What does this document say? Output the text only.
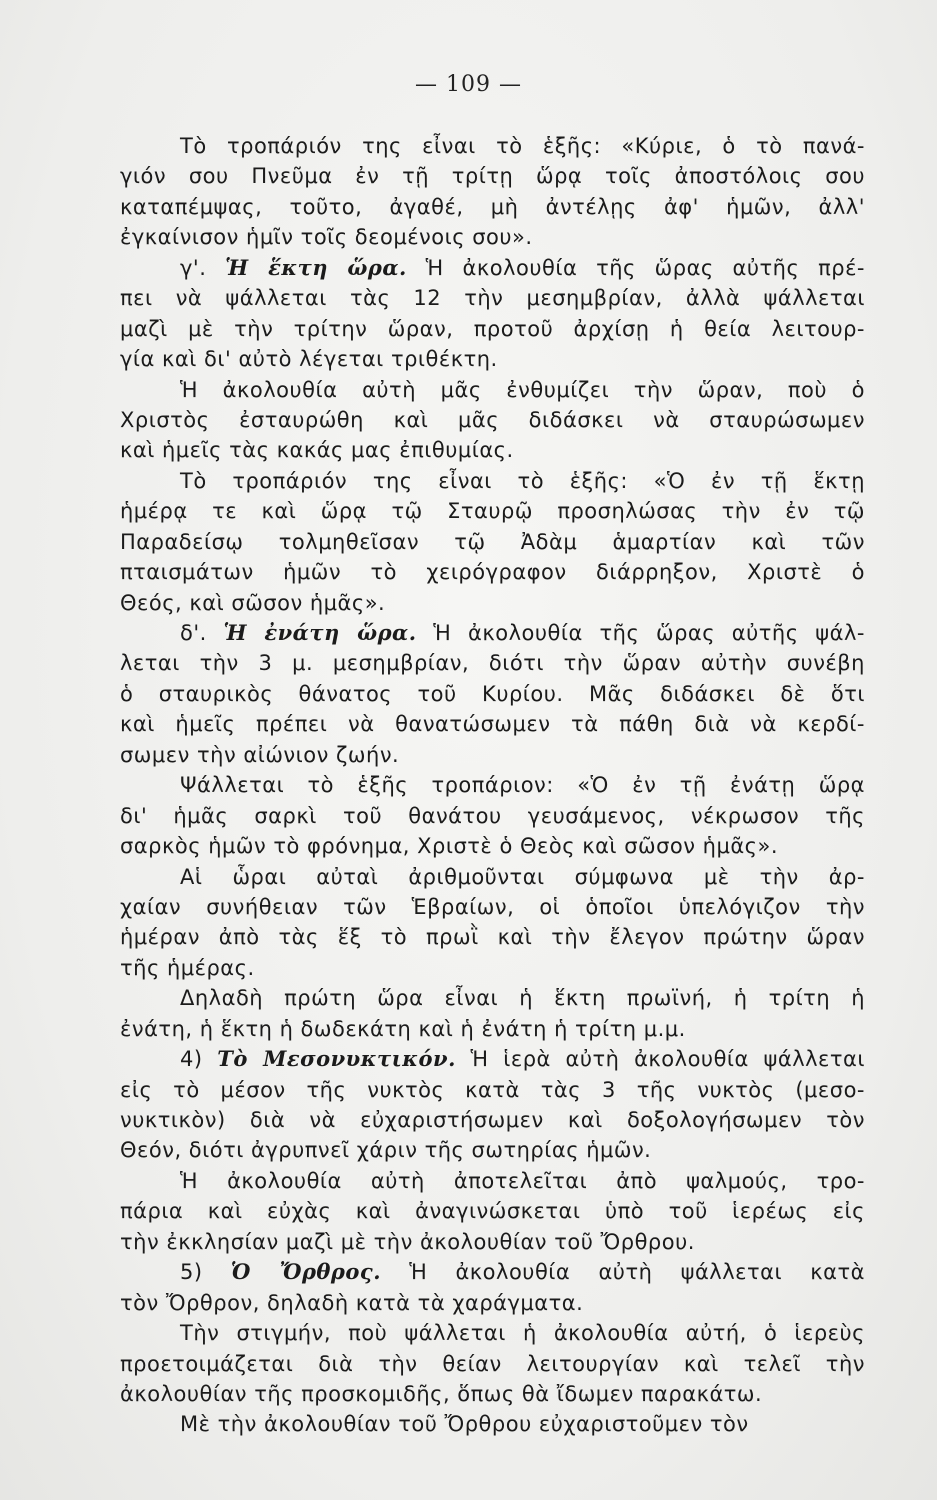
— 109 —
Τὸ τροπάριόν της εἶναι τὸ ἑξῆς: «Κύριε, ὁ τὸ πανά-
γιόν σου Πνεῦμα ἐν τῇ τρίτῃ ὥρᾳ τοῖς ἀποστόλοις σου
καταπέμψας, τοῦτο, ἀγαθέ, μὴ ἀντέλῃς ἀφ' ἡμῶν, ἀλλ'
ἐγκαίνισον ἡμῖν τοῖς δεομένοις σου».
γ'. Ἡ ἕκτη ὥρα. Ἡ ἀκολουθία τῆς ὥρας αὐτῆς πρέ-
πει νὰ ψάλλεται τὰς 12 τὴν μεσημβρίαν, ἀλλὰ ψάλλεται
μαζὶ μὲ τὴν τρίτην ὥραν, προτοῦ ἀρχίσῃ ἡ θεία λειτουρ-
γία καὶ δι' αὐτὸ λέγεται τριθέκτη.
Ἡ ἀκολουθία αὐτὴ μᾶς ἐνθυμίζει τὴν ὥραν, ποὺ ὁ
Χριστὸς ἐσταυρώθη καὶ μᾶς διδάσκει νὰ σταυρώσωμεν
καὶ ἡμεῖς τὰς κακάς μας ἐπιθυμίας.
Τὸ τροπάριόν της εἶναι τὸ ἑξῆς: «Ὁ ἐν τῇ ἕκτῃ
ἡμέρᾳ τε καὶ ὥρᾳ τῷ Σταυρῷ προσηλώσας τὴν ἐν τῷ
Παραδείσῳ τολμηθεῖσαν τῷ Ἀδὰμ ἁμαρτίαν καὶ τῶν
πταισμάτων ἡμῶν τὸ χειρόγραφον διάρρηξον, Χριστὲ ὁ
Θεός, καὶ σῶσον ἡμᾶς».
δ'. Ἡ ἐνάτη ὥρα. Ἡ ἀκολουθία τῆς ὥρας αὐτῆς ψάλ-
λεται τὴν 3 μ. μεσημβρίαν, διότι τὴν ὥραν αὐτὴν συνέβη
ὁ σταυρικὸς θάνατος τοῦ Κυρίου. Μᾶς διδάσκει δὲ ὅτι
καὶ ἡμεῖς πρέπει νὰ θανατώσωμεν τὰ πάθη διὰ νὰ κερδί-
σωμεν τὴν αἰώνιον ζωήν.
Ψάλλεται τὸ ἑξῆς τροπάριον: «Ὁ ἐν τῇ ἐνάτῃ ὥρᾳ
δι' ἡμᾶς σαρκὶ τοῦ θανάτου γευσάμενος, νέκρωσον τῆς
σαρκὸς ἡμῶν τὸ φρόνημα, Χριστὲ ὁ Θεὸς καὶ σῶσον ἡμᾶς».
Αἱ ὧραι αὐταὶ ἀριθμοῦνται σύμφωνα μὲ τὴν ἀρ-
χαίαν συνήθειαν τῶν Ἑβραίων, οἱ ὁποῖοι ὑπελόγιζον τὴν
ἡμέραν ἀπὸ τὰς ἕξ τὸ πρωῒ καὶ τὴν ἔλεγον πρώτην ὥραν
τῆς ἡμέρας.
Δηλαδὴ πρώτη ὥρα εἶναι ἡ ἕκτη πρωϊνή, ἡ τρίτη ἡ
ἐνάτη, ἡ ἕκτη ἡ δωδεκάτη καὶ ἡ ἐνάτη ἡ τρίτη μ.μ.
4) Τὸ Μεσονυκτικόν. Ἡ ἱερὰ αὐτὴ ἀκολουθία ψάλλεται
εἰς τὸ μέσον τῆς νυκτὸς κατὰ τὰς 3 τῆς νυκτὸς (μεσο-
νυκτικὸν) διὰ νὰ εὐχαριστήσωμεν καὶ δοξολογήσωμεν τὸν
Θεόν, διότι ἀγρυπνεῖ χάριν τῆς σωτηρίας ἡμῶν.
Ἡ ἀκολουθία αὐτὴ ἀποτελεῖται ἀπὸ ψαλμούς, τρο-
πάρια καὶ εὐχὰς καὶ ἀναγινώσκεται ὑπὸ τοῦ ἱερέως εἰς
τὴν ἐκκλησίαν μαζὶ μὲ τὴν ἀκολουθίαν τοῦ Ὄρθρου.
5) Ὁ Ὄρθρος. Ἡ ἀκολουθία αὐτὴ ψάλλεται κατὰ
τὸν Ὄρθρον, δηλαδὴ κατὰ τὰ χαράγματα.
Τὴν στιγμήν, ποὺ ψάλλεται ἡ ἀκολουθία αὐτή, ὁ ἱερεὺς
προετοιμάζεται διὰ τὴν θείαν λειτουργίαν καὶ τελεῖ τὴν
ἀκολουθίαν τῆς προσκομιδῆς, ὅπως θὰ ἴδωμεν παρακάτω.
Μὲ τὴν ἀκολουθίαν τοῦ Ὄρθρου εὐχαριστοῦμεν τὸν
